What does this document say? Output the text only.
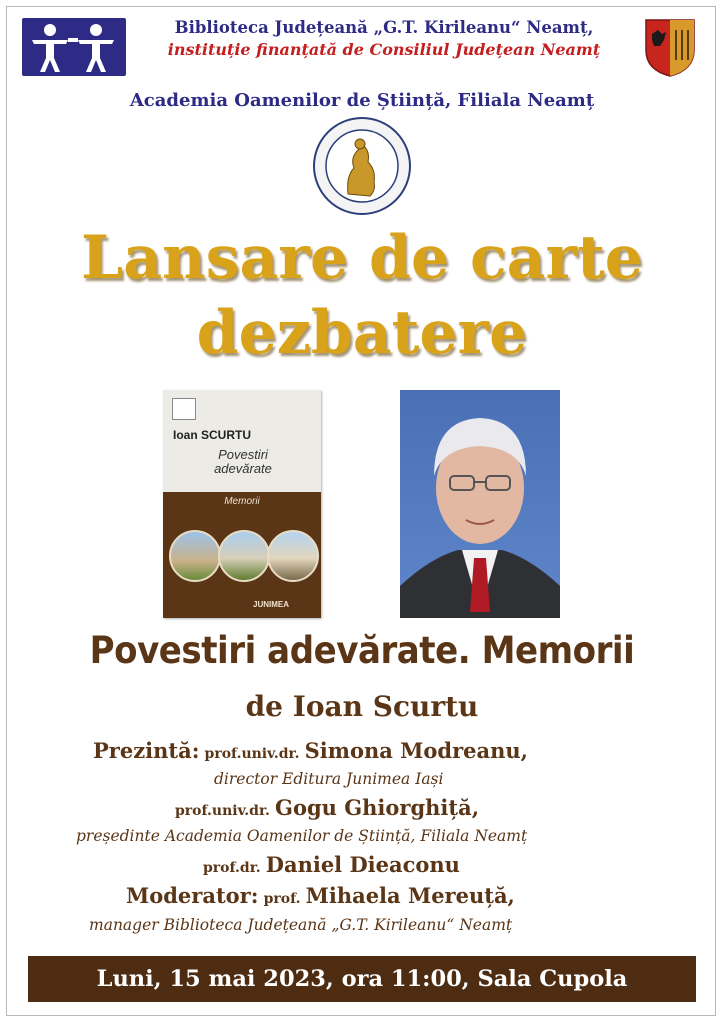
Biblioteca Județeană „G.T. Kirileanu“ Neamț,
instituție finanțată de Consiliul Județean Neamț
Academia Oamenilor de Știință, Filiala Neamț
Lansare de carte
dezbatere
Ioan SCURTU
Povestiri
adevărate
Memorii
JUNIMEA
Povestiri adevărate. Memorii
de Ioan Scurtu
Prezintă: prof.univ.dr. Simona Modreanu,
director Editura Junimea Iași
prof.univ.dr. Gogu Ghiorghiță,
președinte Academia Oamenilor de Știință, Filiala Neamț
prof.dr. Daniel Dieaconu
Moderator: prof. Mihaela Mereuță,
manager Biblioteca Județeană „G.T. Kirileanu“ Neamț
Luni, 15 mai 2023, ora 11:00, Sala Cupola
